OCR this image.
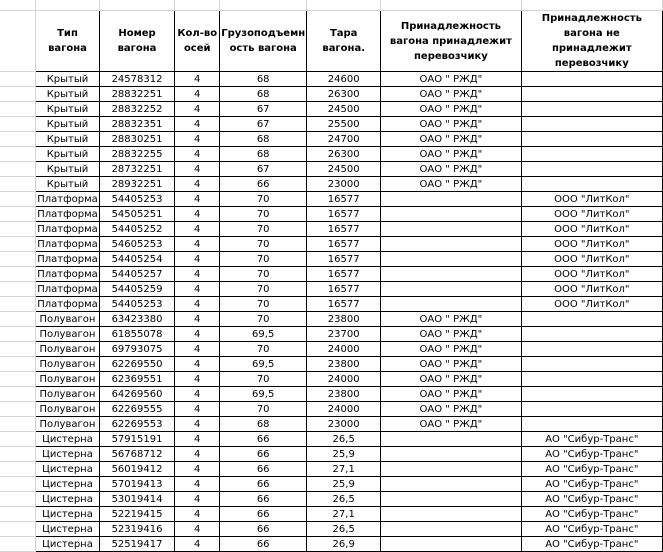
	Тип вагона	Номер вагона	Кол-во осей	Грузоподъемн ость вагона	Тара вагона.	Принадлежность вагона принадлежит перевозчику	Принадлежность вагона не принадлежит перевозчику
	Крытый	24578312	4	68	24600	ОАО " РЖД"	
	Крытый	28832251	4	68	26300	ОАО " РЖД"	
	Крытый	28832252	4	67	24500	ОАО " РЖД"	
	Крытый	28832351	4	67	25500	ОАО " РЖД"	
	Крытый	28830251	4	68	24700	ОАО " РЖД"	
	Крытый	28832255	4	68	26300	ОАО " РЖД"	
	Крытый	28732251	4	67	24500	ОАО " РЖД"	
	Крытый	28932251	4	66	23000	ОАО " РЖД"	
	Платформа	54405253	4	70	16577		ООО "ЛитКол"
	Платформа	54505251	4	70	16577		ООО "ЛитКол"
	Платформа	54405252	4	70	16577		ООО "ЛитКол"
	Платформа	54605253	4	70	16577		ООО "ЛитКол"
	Платформа	54405254	4	70	16577		ООО "ЛитКол"
	Платформа	54405257	4	70	16577		ООО "ЛитКол"
	Платформа	54405259	4	70	16577		ООО "ЛитКол"
	Платформа	54405253	4	70	16577		ООО "ЛитКол"
	Полувагон	63423380	4	70	23800	ОАО " РЖД"	
	Полувагон	61855078	4	69,5	23700	ОАО " РЖД"	
	Полувагон	69793075	4	70	24000	ОАО " РЖД"	
	Полувагон	62269550	4	69,5	23800	ОАО " РЖД"	
	Полувагон	62369551	4	70	24000	ОАО " РЖД"	
	Полувагон	64269560	4	69,5	23800	ОАО " РЖД"	
	Полувагон	62269555	4	70	24000	ОАО " РЖД"	
	Полувагон	62269553	4	68	23000	ОАО " РЖД"	
	Цистерна	57915191	4	66	26,5		АО "Сибур-Транс"
	Цистерна	56768712	4	66	25,9		АО "Сибур-Транс"
	Цистерна	56019412	4	66	27,1		АО "Сибур-Транс"
	Цистерна	57019413	4	66	25,9		АО "Сибур-Транс"
	Цистерна	53019414	4	66	26,5		АО "Сибур-Транс"
	Цистерна	52219415	4	66	27,1		АО "Сибур-Транс"
	Цистерна	52319416	4	66	26,5		АО "Сибур-Транс"
	Цистерна	52519417	4	66	26,9		АО "Сибур-Транс"
